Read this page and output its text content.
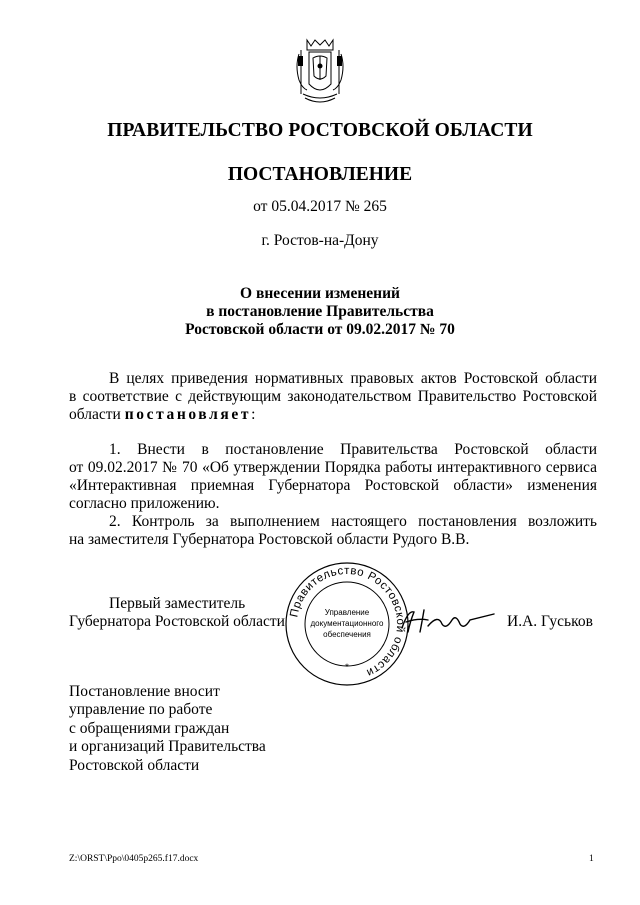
ПРАВИТЕЛЬСТВО РОСТОВСКОЙ ОБЛАСТИ
ПОСТАНОВЛЕНИЕ
от 05.04.2017 № 265
г. Ростов-на-Дону
О внесении изменений
в постановление Правительства
Ростовской области от 09.02.2017 № 70
В целях приведения нормативных правовых актов Ростовской области
в соответствие с действующим законодательством Правительство Ростовской
области постановляет:
1. Внести в постановление Правительства Ростовской области
от 09.02.2017 № 70 «Об утверждении Порядка работы интерактивного сервиса
«Интерактивная приемная Губернатора Ростовской области» изменения
согласно приложению.
2. Контроль за выполнением настоящего постановления возложить
на заместителя Губернатора Ростовской области Рудого В.В.
Правительство Ростовской области
*
Управление
документационного
обеспечения
Первый заместитель
Губернатора Ростовской области	И.А. Гуськов
Постановление вносит
управление по работе
с обращениями граждан
и организаций Правительства
Ростовской области
Z:\ORST\Ppo\0405p265.f17.docx	1
